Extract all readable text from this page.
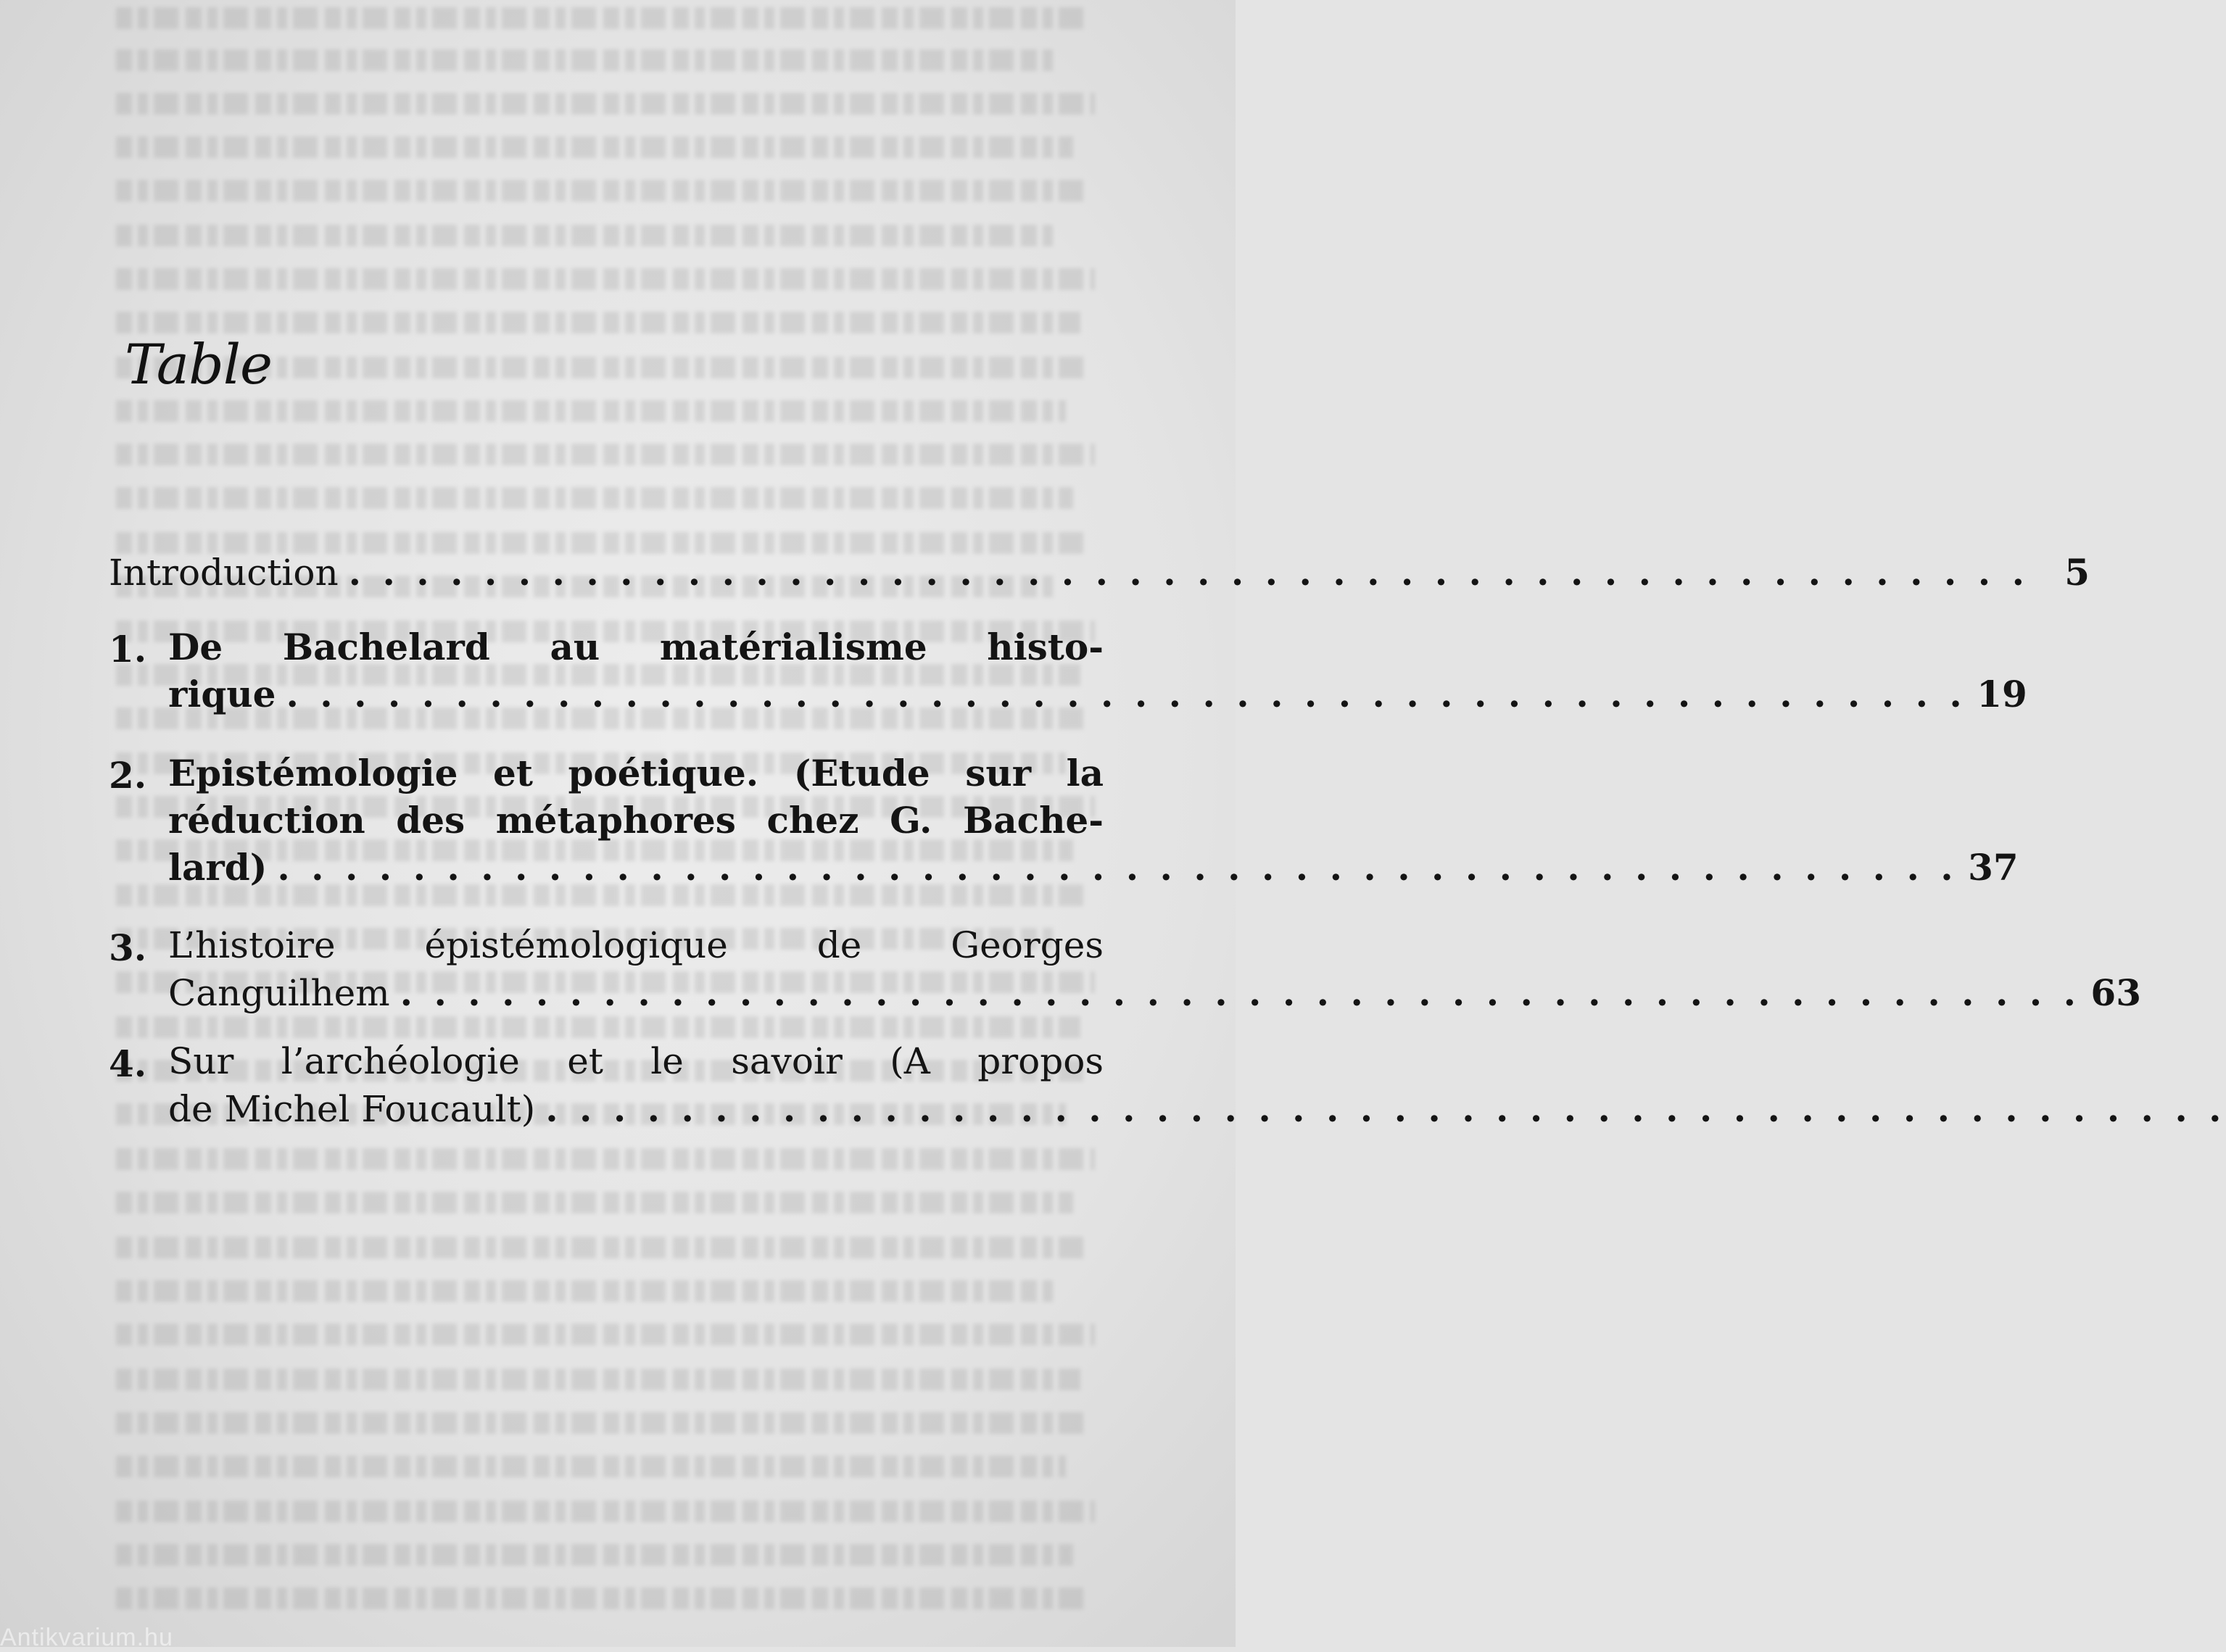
Table
Introduction . . . . . . . . . . . . . . . . . . . . . . . . . . . . . . . . . . . . . . . . . . . . . . . . . . 5
1. De Bachelard au matérialisme histo-
rique . . . . . . . . . . . . . . . . . . . . . . . . . . . . . . . . . . . . . . . . . . . . . . . . . . 19
2. Epistémologie et poétique. (Etude sur la
réduction des métaphores chez G. Bache-
lard) . . . . . . . . . . . . . . . . . . . . . . . . . . . . . . . . . . . . . . . . . . . . . . . . . . 37
3. L’histoire épistémologique de Georges
Canguilhem . . . . . . . . . . . . . . . . . . . . . . . . . . . . . . . . . . . . . . . . . . . . . . . . . . 63
4. Sur l’archéologie et le savoir (A propos
de Michel Foucault) . . . . . . . . . . . . . . . . . . . . . . . . . . . . . . . . . . . . . . . . . . . . . . . . . .
Antikvarium.hu
